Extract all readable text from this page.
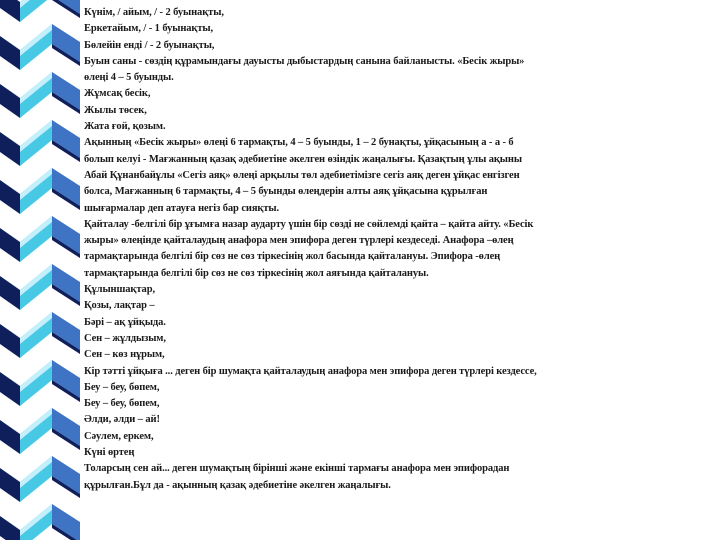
Күнім, / айым, / - 2 буынақты,
Еркетайым, / - 1 буынақты,
Бөлейін енді / - 2 буынақты,
Буын саны - сөздің құрамындағы дауысты дыбыстардың санына байланысты. «Бесік жыры»
өлеңі 4 – 5 буынды.
Жұмсақ бесік,
Жылы төсек,
Жата ғой, қозым.
Ақынның «Бесік жыры» өлеңі 6 тармақты, 4 – 5 буынды, 1 – 2 бунақты, ұйқасының а - а - б
болып келуі - Мағжанның қазақ әдебиетіне әкелген өзіндік жаңалығы. Қазақтың ұлы ақыны
Абай Құнанбайұлы «Сегіз аяқ» өлеңі арқылы төл әдебиетімізге сегіз аяқ деген ұйқас енгізген
болса, Мағжанның 6 тармақты, 4 – 5 буынды өлеңдерін алты аяқ ұйқасына құрылған
шығармалар деп атауға негіз бар сияқты.
Қайталау -белгілі бір ұғымға назар аударту үшін бір сөзді не сөйлемді қайта – қайта айту. «Бесік
жыры» өлеңінде қайталаудың анафора мен эпифора деген түрлері кездеседі. Анафора –өлең
тармақтарында белгілі бір сөз не сөз тіркесінің жол басында қайталануы. Эпифора -өлең
тармақтарында белгілі бір сөз не сөз тіркесінің жол аяғында қайталануы.
Құлыншақтар,
Қозы, лақтар –
Бәрі – ақ ұйқыда.
Сен – жұлдызым,
Сен – көз нұрым,
Кір тәтті ұйқыға ... деген бір шумақта қайталаудың анафора мен эпифора деген түрлері кездессе,
Беу – беу, бөпем,
Беу – беу, бөпем,
Әлди, әлди – ай!
Сәулем, еркем,
Күні өртең
Толарсың сен ай... деген шумақтың бірінші және екінші тармағы анафора мен эпифорадан
құрылған.Бұл да - ақынның қазақ әдебиетіне әкелген жаңалығы.
